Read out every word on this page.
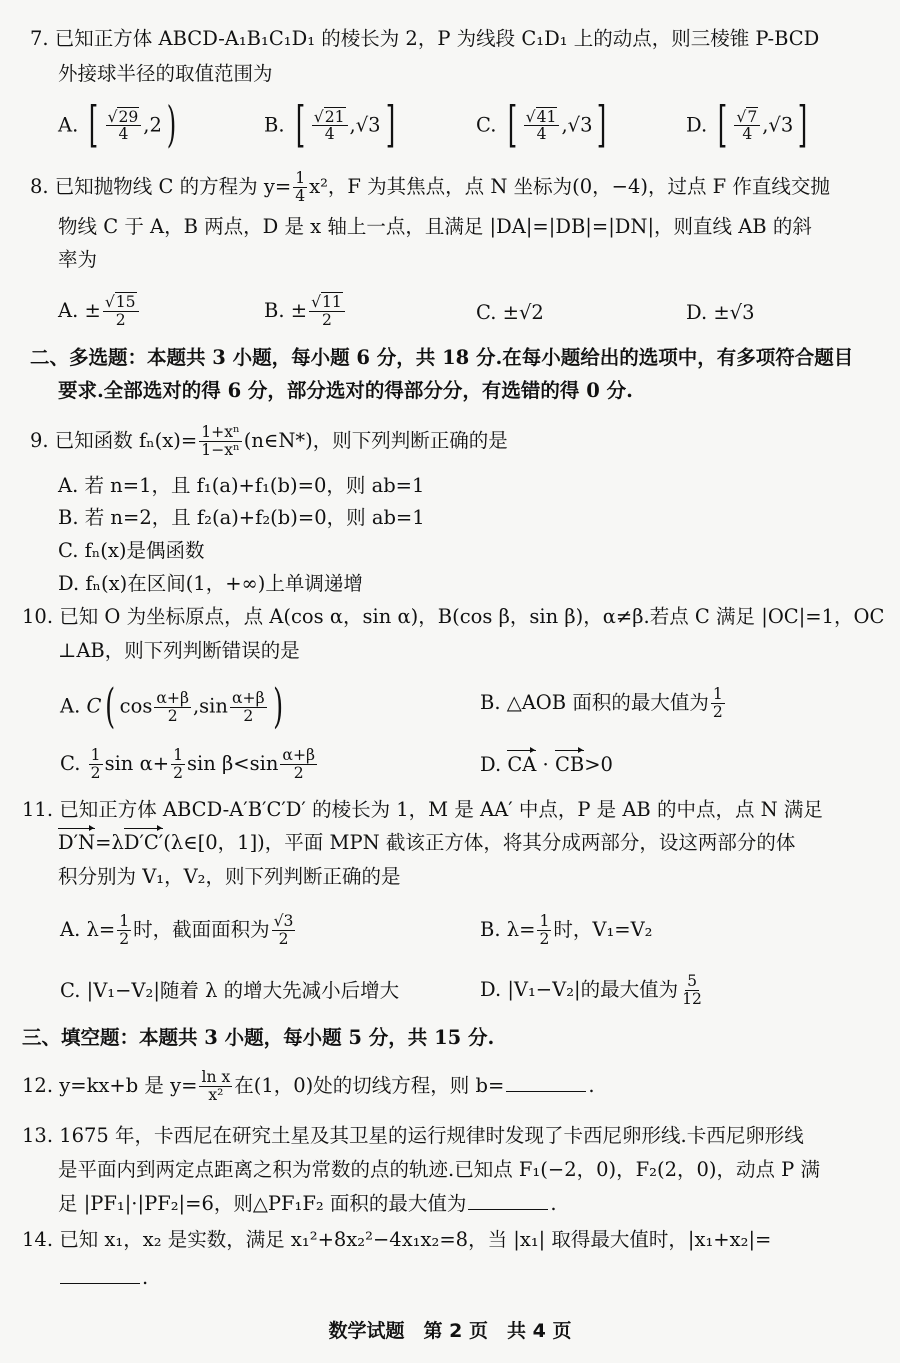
7. 已知正方体 ABCD-A₁B₁C₁D₁ 的棱长为 2，P 为线段 C₁D₁ 上的动点，则三棱锥 P-BCD
外接球半径的取值范围为
A. [ $\frac{√29}{4} ,2$)	B. [ $\frac{√21}{4} ,√3$]	C. [ $\frac{√41}{4} ,√3$]	D. [ $\frac{√7}{4} ,√3$]
8. 已知抛物线 C 的方程为 $y= \frac{1}{4} x^2$，F 为其焦点，点 N 坐标为(0，−4)，过点 F 作直线交抛
物线 C 于 A，B 两点，D 是 x 轴上一点，且满足 |DA|=|DB|=|DN|，则直线 AB 的斜
率为
A. ± $\frac{√15}{2}$	B. ± $\frac{√11}{2}$	C. ±√2	D. ±√3
二、多选题：本题共 3 小题，每小题 6 分，共 18 分.在每小题给出的选项中，有多项符合题目
要求.全部选对的得 6 分，部分选对的得部分分，有选错的得 0 分.
9. 已知函数 $f_n(x)= \frac{\text{1+xⁿ}}{\text{1−xⁿ}}$ (n∈N*)，则下列判断正确的是
A. 若 n=1，且 f₁(a)+f₁(b)=0，则 ab=1
B. 若 n=2，且 f₂(a)+f₂(b)=0，则 ab=1
C. fₙ(x)是偶函数
D. fₙ(x)在区间(1，+∞)上单调递增
10. 已知 O 为坐标原点，点 A(cos α，sin α)，B(cos β，sin β)，α≠β.若点 C 满足 |OC|=1，OC
⊥AB，则下列判断错误的是
A. C( $\cos \frac{\alpha+\beta}{2} ,\sin \frac{\alpha+\beta}{2}$ )	B. △AOB 面积的最大值为 $\frac{1}{2}$
C. $\frac{1}{2}$ $\sin \alpha+ \frac{1}{2}$ $\sin \beta<\sin \frac{\alpha+\beta}{2}$	D. CA · CB>0
11. 已知正方体 ABCD-A′B′C′D′ 的棱长为 1，M 是 AA′ 中点，P 是 AB 的中点，点 N 满足
D′N=λD′C′(λ∈[0，1])，平面 MPN 截该正方体，将其分成两部分，设这两部分的体
积分别为 V₁，V₂，则下列判断正确的是
A. $\lambda= \frac{1}{2}$ 时，截面面积为 $\frac{√3}{2}$	B. $\lambda= \frac{1}{2}$ 时，V₁=V₂
C. |V₁−V₂|随着 λ 的增大先减小后增大	D. |V₁−V₂|的最大值为 $\frac{5}{12}$
三、填空题：本题共 3 小题，每小题 5 分，共 15 分.
12. y=kx+b 是 $y= \frac{\text{ln x}}{\text{x²}}$ 在(1，0)处的切线方程，则 b=	.
13. 1675 年，卡西尼在研究土星及其卫星的运行规律时发现了卡西尼卵形线.卡西尼卵形线
是平面内到两定点距离之积为常数的点的轨迹.已知点 F₁(−2，0)，F₂(2，0)，动点 P 满
足 |PF₁|·|PF₂|=6，则△PF₁F₂ 面积的最大值为	.
14. 已知 x₁，x₂ 是实数，满足 x₁²+8x₂²−4x₁x₂=8，当 |x₁| 取得最大值时，|x₁+x₂|=
.
数学试题　第 2 页　共 4 页
